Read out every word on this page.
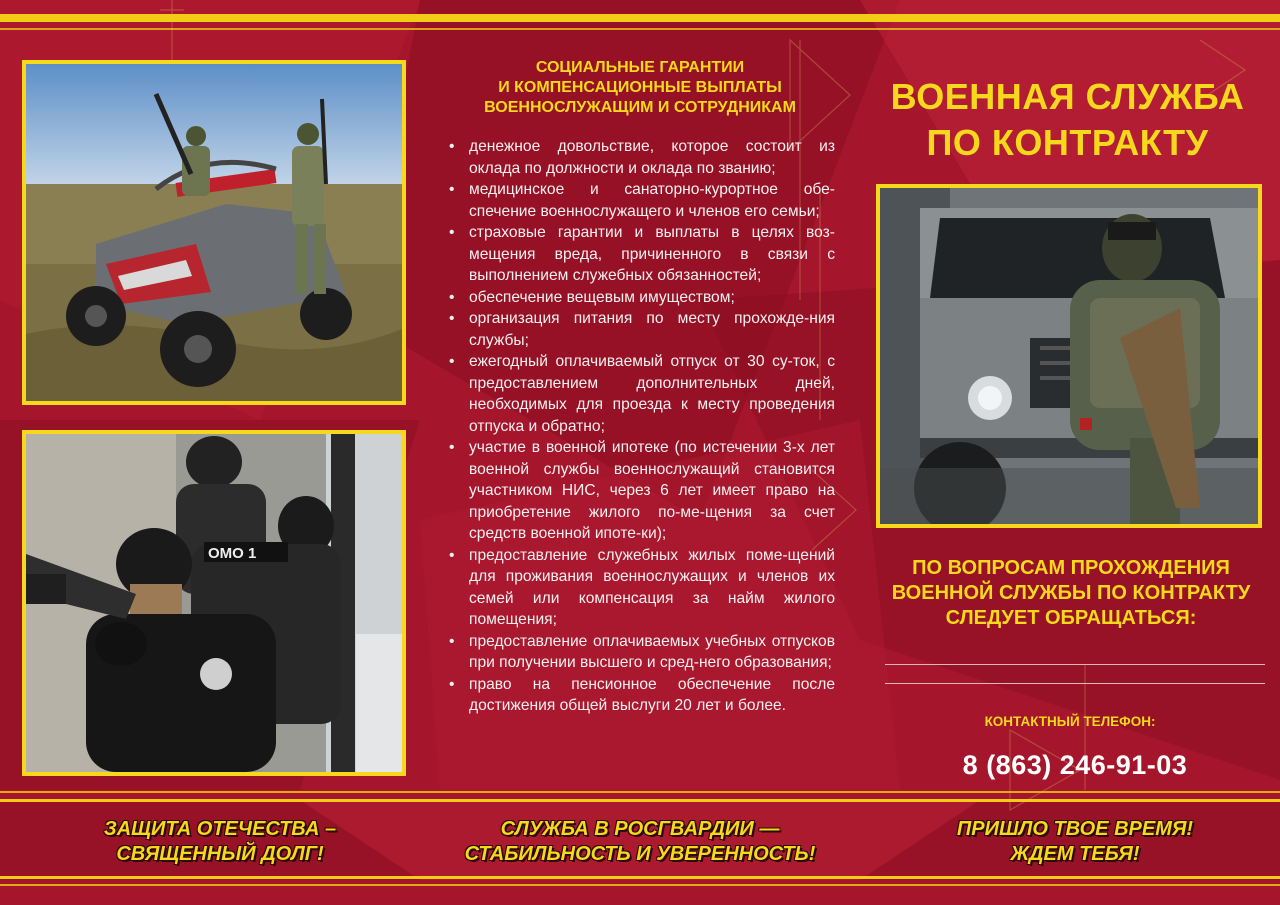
ОМО 1
СОЦИАЛЬНЫЕ ГАРАНТИИ
И КОМПЕНСАЦИОННЫЕ ВЫПЛАТЫ
ВОЕННОСЛУЖАЩИМ И СОТРУДНИКАМ
• денежное довольствие, которое состоит из оклада по должности и оклада по званию;
• медицинское и санаторно-курортное обе-спечение военнослужащего и членов его семьи;
• страховые гарантии и выплаты в целях воз-мещения вреда, причиненного в связи с выполнением служебных обязанностей;
• обеспечение вещевым имуществом;
• организация питания по месту прохожде-ния службы;
• ежегодный оплачиваемый отпуск от 30 су-ток, с предоставлением дополнительных дней, необходимых для проезда к месту проведения отпуска и обратно;
• участие в военной ипотеке (по истечении 3-х лет военной службы военнослужащий становится участником НИС, через 6 лет имеет право на приобретение жилого по-ме-щения за счет средств военной ипоте-ки);
• предоставление служебных жилых поме-щений для проживания военнослужащих и членов их семей или компенсация за найм жилого помещения;
• предоставление оплачиваемых учебных отпусков при получении высшего и сред-него образования;
• право на пенсионное обеспечение после достижения общей выслуги 20 лет и более.
ВОЕННАЯ СЛУЖБА
ПО КОНТРАКТУ
ПО ВОПРОСАМ ПРОХОЖДЕНИЯ
ВОЕННОЙ СЛУЖБЫ ПО КОНТРАКТУ
СЛЕДУЕТ ОБРАЩАТЬСЯ:
КОНТАКТНЫЙ ТЕЛЕФОН:
8 (863) 246-91-03
ЗАЩИТА ОТЕЧЕСТВА –
СВЯЩЕННЫЙ ДОЛГ!
СЛУЖБА В РОСГВАРДИИ —
СТАБИЛЬНОСТЬ И УВЕРЕННОСТЬ!
ПРИШЛО ТВОЕ ВРЕМЯ!
ЖДЕМ ТЕБЯ!
